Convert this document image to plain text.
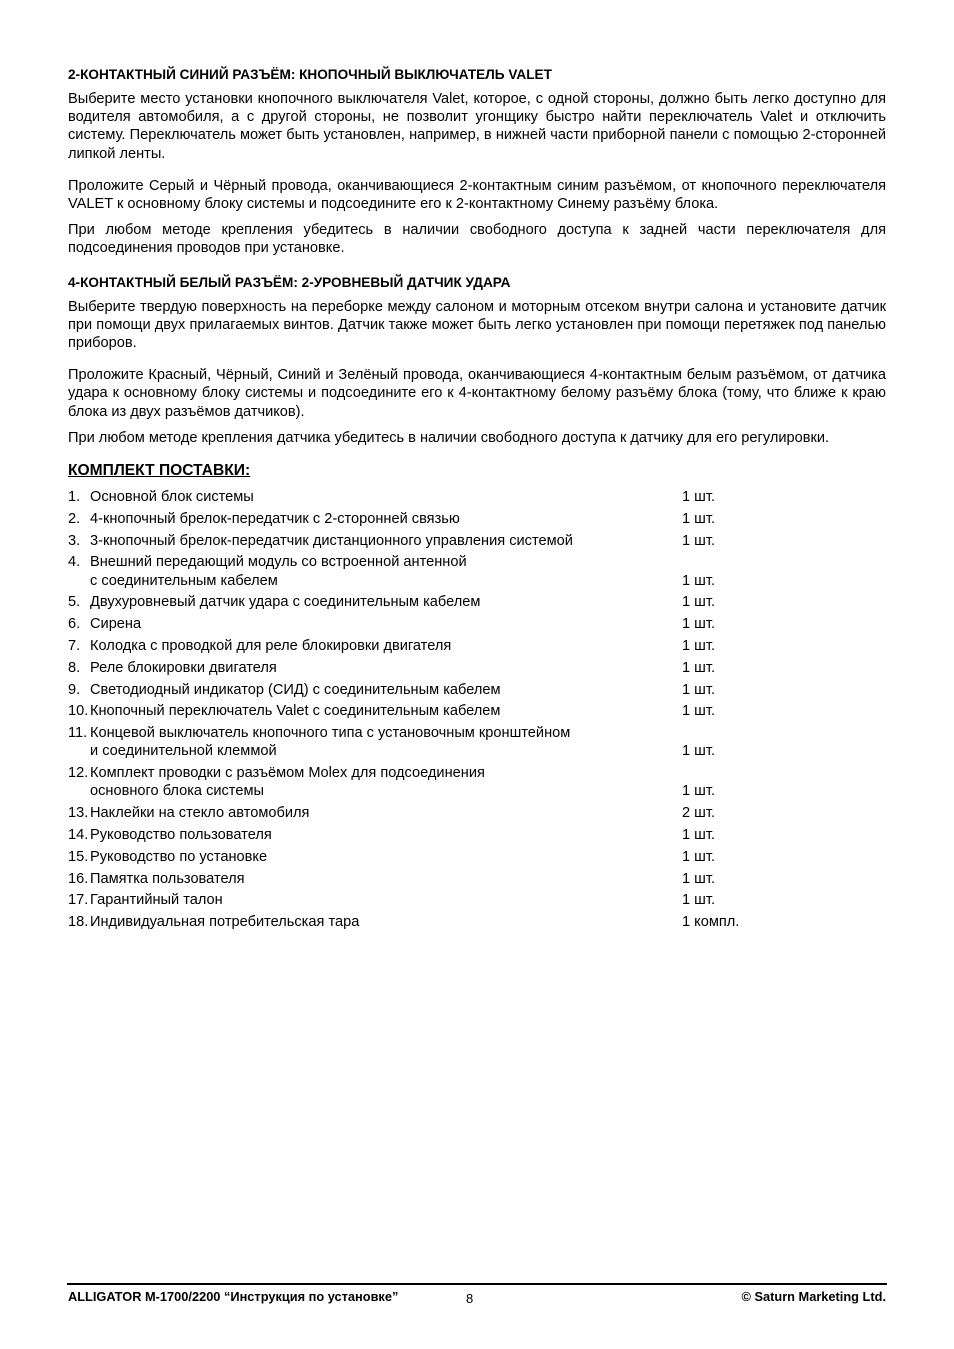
2-КОНТАКТНЫЙ СИНИЙ РАЗЪЁМ: КНОПОЧНЫЙ ВЫКЛЮЧАТЕЛЬ VALET

Выберите место установки кнопочного выключателя Valet, которое, с одной стороны, должно быть легко доступно для водителя автомобиля, а с другой стороны, не позволит угонщику быстро найти переключатель Valet и отключить систему. Переключатель может быть установлен, например, в нижней части приборной панели с помощью 2-сторонней липкой ленты.

Проложите Серый и Чёрный провода, оканчивающиеся 2-контактным синим разъёмом, от кнопочного переключателя VALET к основному блоку системы и подсоедините его к 2-контактному Синему разъёму блока.

При любом методе крепления убедитесь в наличии свободного доступа к задней части переключателя для подсоединения проводов при установке.

4-КОНТАКТНЫЙ БЕЛЫЙ РАЗЪЁМ: 2-УРОВНЕВЫЙ ДАТЧИК УДАРА

Выберите твердую поверхность на переборке между салоном и моторным отсеком внутри салона и установите датчик при помощи двух прилагаемых винтов. Датчик также может быть легко установлен при помощи перетяжек под панелью приборов.

Проложите Красный, Чёрный, Синий и Зелёный провода, оканчивающиеся 4-контактным белым разъёмом, от датчика удара к основному блоку системы и подсоедините его к 4-контактному белому разъёму блока (тому, что ближе к краю блока из двух разъёмов датчиков).

При любом методе крепления датчика убедитесь в наличии свободного доступа к датчику для его регулировки.

КОМПЛЕКТ ПОСТАВКИ:
1. Основной блок системы	1 шт.
2. 4-кнопочный брелок-передатчик с 2-сторонней связью	1 шт.
3. 3-кнопочный брелок-передатчик дистанционного управления системой	1 шт.
4. Внешний передающий модуль со встроенной антенной
с соединительным кабелем	1 шт.
5. Двухуровневый датчик удара с соединительным кабелем	1 шт.
6. Сирена	1 шт.
7. Колодка с проводкой для реле блокировки двигателя	1 шт.
8. Реле блокировки двигателя	1 шт.
9. Светодиодный индикатор (СИД) с соединительным кабелем	1 шт.
10. Кнопочный переключатель Valet с соединительным кабелем	1 шт.
11. Концевой выключатель кнопочного типа с установочным кронштейном
и соединительной клеммой	1 шт.
12. Комплект проводки с разъёмом Molex для подсоединения
основного блока системы	1 шт.
13. Наклейки на стекло автомобиля	2 шт.
14. Руководство пользователя	1 шт.
15. Руководство по установке	1 шт.
16. Памятка пользователя	1 шт.
17. Гарантийный талон	1 шт.
18. Индивидуальная потребительская тара	1 компл.
ALLIGATOR M-1700/2200 “Инструкция по установке”	8	© Saturn Marketing Ltd.
